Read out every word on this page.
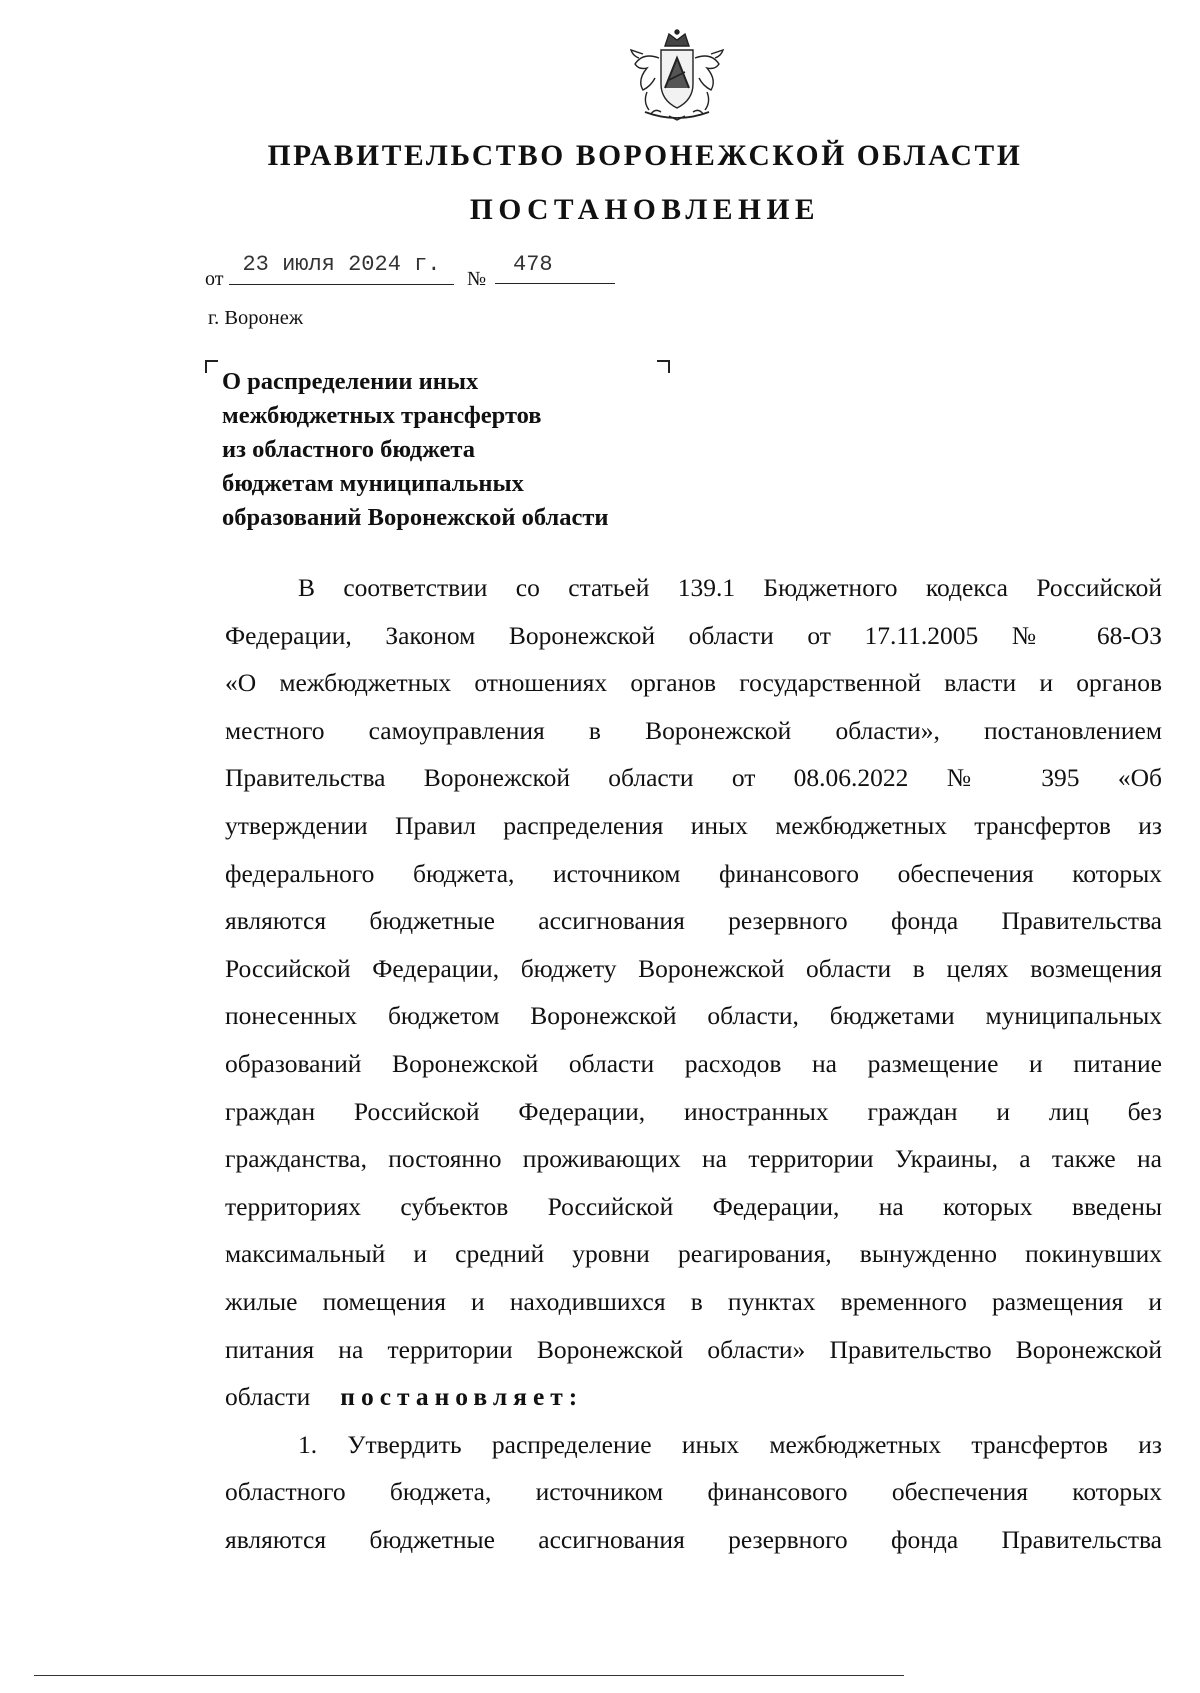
ПРАВИТЕЛЬСТВО ВОРОНЕЖСКОЙ ОБЛАСТИ
ПОСТАНОВЛЕНИЕ
от
23 июля 2024 г.
№
478
г. Воронеж
О распределении иных
межбюджетных трансфертов
из областного бюджета
бюджетам муниципальных
образований Воронежской области
В соответствии со статьей 139.1 Бюджетного кодекса Российской
Федерации, Законом Воронежской области от 17.11.2005 № 68-ОЗ
«О межбюджетных отношениях органов государственной власти и органов
местного самоуправления в Воронежской области», постановлением
Правительства Воронежской области от 08.06.2022 № 395 «Об
утверждении Правил распределения иных межбюджетных трансфертов из
федерального бюджета, источником финансового обеспечения которых
являются бюджетные ассигнования резервного фонда Правительства
Российской Федерации, бюджету Воронежской области в целях возмещения
понесенных бюджетом Воронежской области, бюджетами муниципальных
образований Воронежской области расходов на размещение и питание
граждан Российской Федерации, иностранных граждан и лиц без
гражданства, постоянно проживающих на территории Украины, а также на
территориях субъектов Российской Федерации, на которых введены
максимальный и средний уровни реагирования, вынужденно покинувших
жилые помещения и находившихся в пунктах временного размещения и
питания на территории Воронежской области» Правительство Воронежской
области постановляет:
1. Утвердить распределение иных межбюджетных трансфертов из
областного бюджета, источником финансового обеспечения которых
являются бюджетные ассигнования резервного фонда Правительства
